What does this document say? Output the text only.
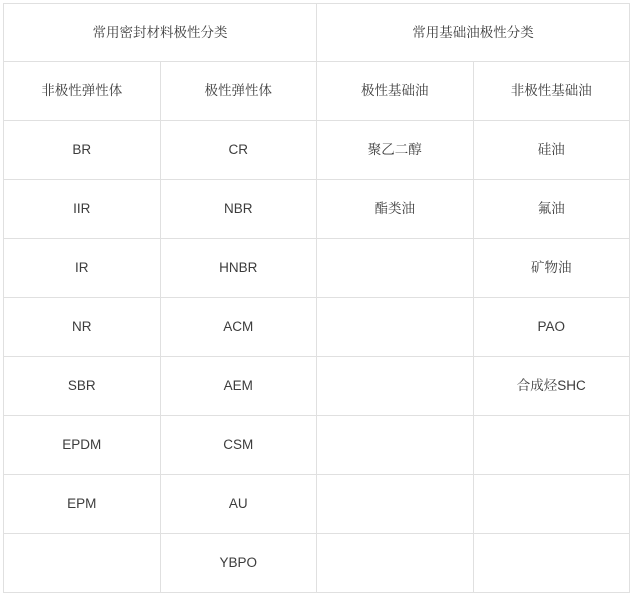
常用密封材料极性分类		常用基础油极性分类	
非极性弹性体	极性弹性体	极性基础油	非极性基础油
BR	CR	聚乙二醇	硅油
IIR	NBR	酯类油	氟油
IR	HNBR		矿物油
NR	ACM		PAO
SBR	AEM		合成烃SHC
EPDM	CSM		
EPM	AU		
	YBPO		
